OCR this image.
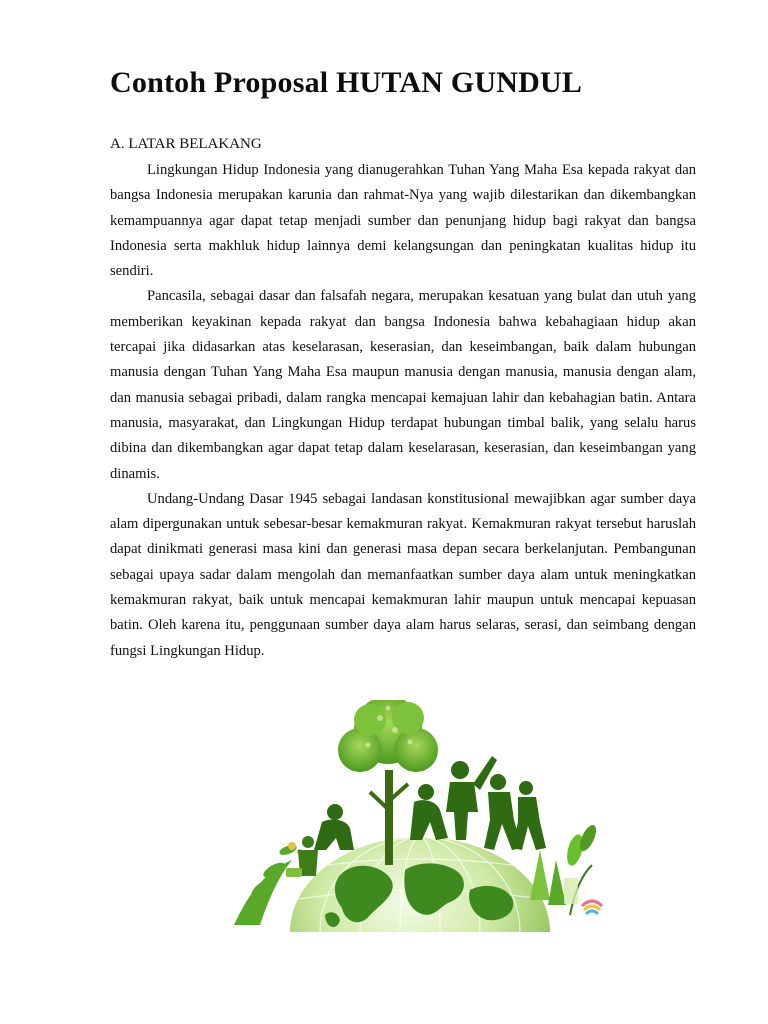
Contoh Proposal HUTAN GUNDUL
A. LATAR BELAKANG

Lingkungan Hidup Indonesia yang dianugerahkan Tuhan Yang Maha Esa kepada rakyat dan bangsa Indonesia merupakan karunia dan rahmat-Nya yang wajib dilestarikan dan dikembangkan kemampuannya agar dapat tetap menjadi sumber dan penunjang hidup bagi rakyat dan bangsa Indonesia serta makhluk hidup lainnya demi kelangsungan dan peningkatan kualitas hidup itu sendiri.

Pancasila, sebagai dasar dan falsafah negara, merupakan kesatuan yang bulat dan utuh yang memberikan keyakinan kepada rakyat dan bangsa Indonesia bahwa kebahagiaan hidup akan tercapai jika didasarkan atas keselarasan, keserasian, dan keseimbangan, baik dalam hubungan manusia dengan Tuhan Yang Maha Esa maupun manusia dengan manusia, manusia dengan alam, dan manusia sebagai pribadi, dalam rangka mencapai kemajuan lahir dan kebahagian batin. Antara manusia, masyarakat, dan Lingkungan Hidup terdapat hubungan timbal balik, yang selalu harus dibina dan dikembangkan agar dapat tetap dalam keselarasan, keserasian, dan keseimbangan yang dinamis.

Undang-Undang Dasar 1945 sebagai landasan konstitusional mewajibkan agar sumber daya alam dipergunakan untuk sebesar-besar kemakmuran rakyat. Kemakmuran rakyat tersebut haruslah dapat dinikmati generasi masa kini dan generasi masa depan secara berkelanjutan. Pembangunan sebagai upaya sadar dalam mengolah dan memanfaatkan sumber daya alam untuk meningkatkan kemakmuran rakyat, baik untuk mencapai kemakmuran lahir maupun untuk mencapai kepuasan batin. Oleh karena itu, penggunaan sumber daya alam harus selaras, serasi, dan seimbang dengan fungsi Lingkungan Hidup.
